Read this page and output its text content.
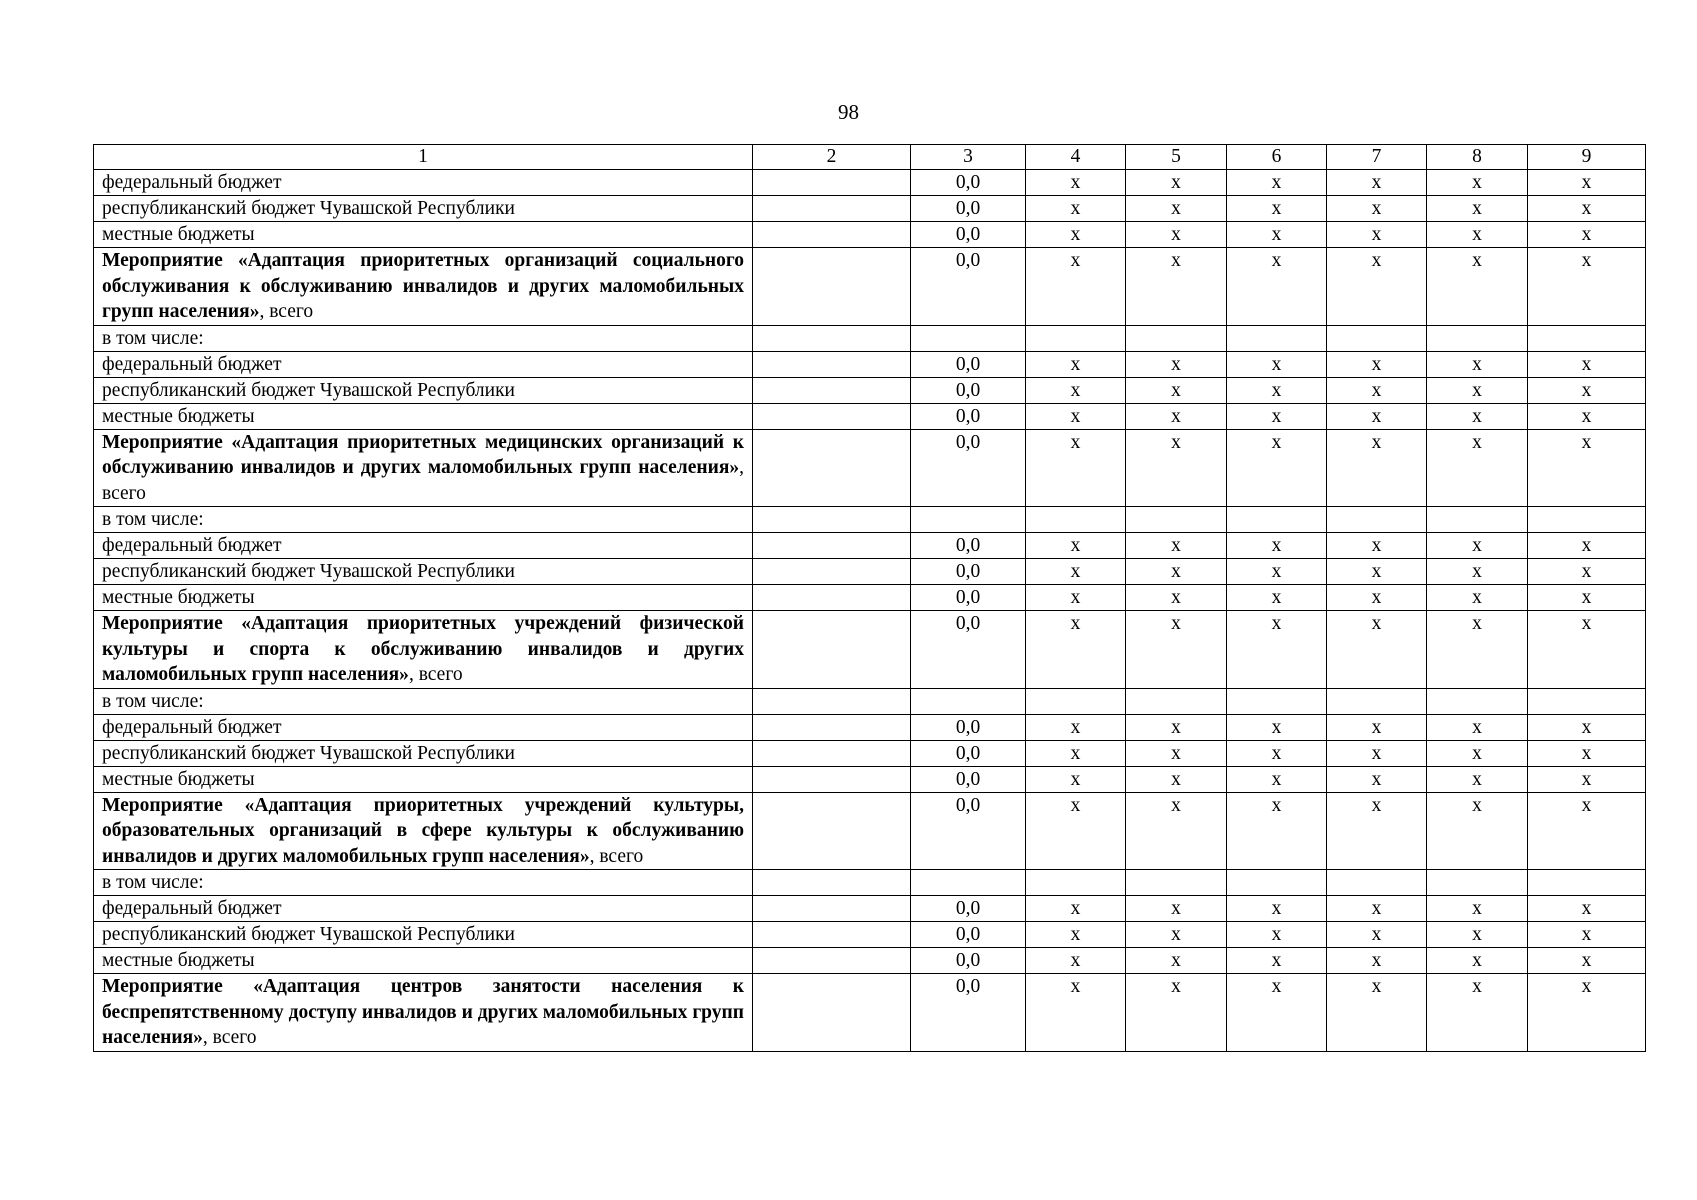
98
1	2	3	4	5	6	7	8	9
федеральный бюджет		0,0	х	х	х	х	х	х
республиканский бюджет Чувашской Республики		0,0	х	х	х	х	х	х
местные бюджеты		0,0	х	х	х	х	х	х
Мероприятие «Адаптация приоритетных организаций социального обслуживания к обслуживанию инвалидов и других маломобильных групп населения», всего		0,0	х	х	х	х	х	х
в том числе:								
федеральный бюджет		0,0	х	х	х	х	х	х
республиканский бюджет Чувашской Республики		0,0	х	х	х	х	х	х
местные бюджеты		0,0	х	х	х	х	х	х
Мероприятие «Адаптация приоритетных медицинских организаций к обслуживанию инвалидов и других маломобильных групп населения», всего		0,0	х	х	х	х	х	х
в том числе:								
федеральный бюджет		0,0	х	х	х	х	х	х
республиканский бюджет Чувашской Республики		0,0	х	х	х	х	х	х
местные бюджеты		0,0	х	х	х	х	х	х
Мероприятие «Адаптация приоритетных учреждений физической культуры и спорта к обслуживанию инвалидов и других маломобильных групп населения», всего		0,0	х	х	х	х	х	х
в том числе:								
федеральный бюджет		0,0	х	х	х	х	х	х
республиканский бюджет Чувашской Республики		0,0	х	х	х	х	х	х
местные бюджеты		0,0	х	х	х	х	х	х
Мероприятие «Адаптация приоритетных учреждений культуры, образовательных организаций в сфере культуры к обслуживанию инвалидов и других маломобильных групп населения», всего		0,0	х	х	х	х	х	х
в том числе:								
федеральный бюджет		0,0	х	х	х	х	х	х
республиканский бюджет Чувашской Республики		0,0	х	х	х	х	х	х
местные бюджеты		0,0	х	х	х	х	х	х
Мероприятие «Адаптация центров занятости населения к беспрепятственному доступу инвалидов и других маломобильных групп населения», всего		0,0	х	х	х	х	х	х
